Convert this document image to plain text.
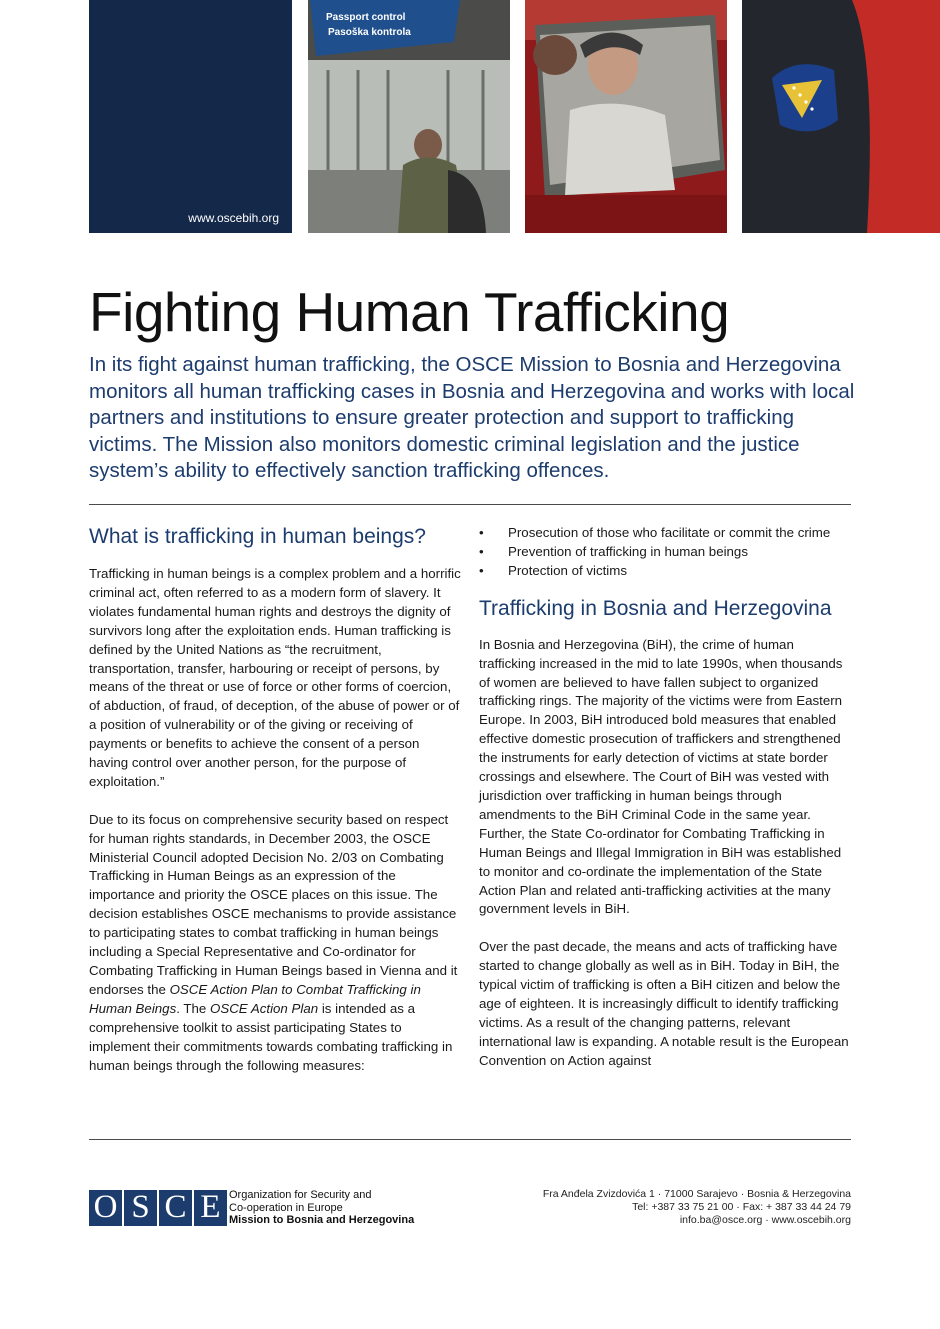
www.oscebih.org
Passport control
Pasoška kontrola
Fighting Human Trafficking

In its fight against human trafficking, the OSCE Mission to Bosnia and Herzegovina monitors all human trafficking cases in Bosnia and Herzegovina and works with local partners and institutions to ensure greater protection and support to trafficking victims. The Mission also monitors domestic criminal legislation and the justice system’s ability to effectively sanction trafficking offences.

What is trafficking in human beings?

Trafficking in human beings is a complex problem and a horrific criminal act, often referred to as a modern form of slavery. It violates fundamental human rights and destroys the dignity of survivors long after the exploitation ends. Human trafficking is defined by the United Nations as “the recruitment, transportation, transfer, harbouring or receipt of persons, by means of the threat or use of force or other forms of coercion, of abduction, of fraud, of deception, of the abuse of power or of a position of vulnerability or of the giving or receiving of payments or benefits to achieve the consent of a person having control over another person, for the purpose of exploitation.”

Due to its focus on comprehensive security based on respect for human rights standards, in December 2003, the OSCE Ministerial Council adopted Decision No. 2/03 on Combating Trafficking in Human Beings as an expression of the importance and priority the OSCE places on this issue. The decision establishes OSCE mechanisms to provide assistance to participating states to combat trafficking in human beings including a Special Representative and Co-ordinator for Combating Trafficking in Human Beings based in Vienna and it endorses the OSCE Action Plan to Combat Trafficking in Human Beings. The OSCE Action Plan is intended as a comprehensive toolkit to assist participating States to implement their commitments towards combating trafficking in human beings through the following measures:

• Prosecution of those who facilitate or commit the crime
• Prevention of trafficking in human beings
• Protection of victims
Trafficking in Bosnia and Herzegovina

In Bosnia and Herzegovina (BiH), the crime of human trafficking increased in the mid to late 1990s, when thousands of women are believed to have fallen subject to organized trafficking rings. The majority of the victims were from Eastern Europe. In 2003, BiH introduced bold measures that enabled effective domestic prosecution of traffickers and strengthened the instruments for early detection of victims at state border crossings and elsewhere. The Court of BiH was vested with jurisdiction over trafficking in human beings through amendments to the BiH Criminal Code in the same year. Further, the State Co-ordinator for Combating Trafficking in Human Beings and Illegal Immigration in BiH was established to monitor and co-ordinate the implementation of the State Action Plan and related anti-trafficking activities at the many government levels in BiH.

Over the past decade, the means and acts of trafficking have started to change globally as well as in BiH. Today in BiH, the typical victim of trafficking is often a BiH citizen and below the age of eighteen. It is increasingly difficult to identify trafficking victims. As a result of the changing patterns, relevant international law is expanding. A notable result is the European Convention on Action against

O S C E Organization for Security and
Co-operation in Europe
Mission to Bosnia and Herzegovina
Fra Anđela Zvizdovića 1 · 71000 Sarajevo · Bosnia & Herzegovina
Tel: +387 33 75 21 00 · Fax: + 387 33 44 24 79
info.ba@osce.org · www.oscebih.org
